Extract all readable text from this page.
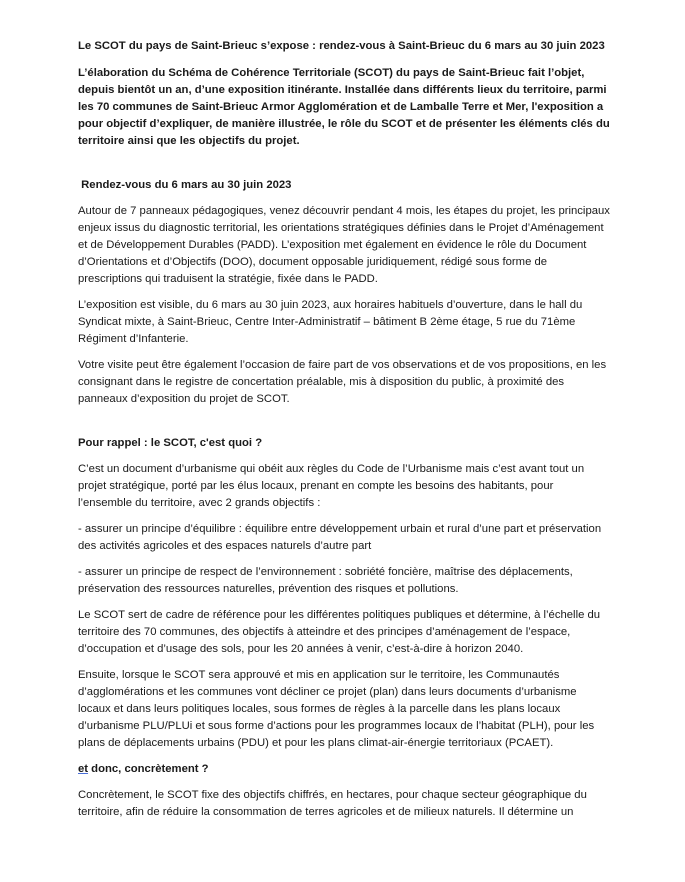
Le SCOT du pays de Saint-Brieuc s’expose : rendez-vous à Saint-Brieuc du 6 mars au 30 juin 2023

L’élaboration du Schéma de Cohérence Territoriale (SCOT) du pays de Saint-Brieuc fait l’objet, depuis bientôt un an, d’une exposition itinérante. Installée dans différents lieux du territoire, parmi les 70 communes de Saint-Brieuc Armor Agglomération et de Lamballe Terre et Mer, l'exposition a pour objectif d’expliquer, de manière illustrée, le rôle du SCOT et de présenter les éléments clés du territoire ainsi que les objectifs du projet.

Rendez-vous du 6 mars au 30 juin 2023

Autour de 7 panneaux pédagogiques, venez découvrir pendant 4 mois, les étapes du projet, les principaux enjeux issus du diagnostic territorial, les orientations stratégiques définies dans le Projet d’Aménagement et de Développement Durables (PADD). L’exposition met également en évidence le rôle du Document d’Orientations et d’Objectifs (DOO), document opposable juridiquement, rédigé sous forme de prescriptions qui traduisent la stratégie, fixée dans le PADD.

L’exposition est visible, du 6 mars au 30 juin 2023, aux horaires habituels d’ouverture, dans le hall du Syndicat mixte, à Saint-Brieuc, Centre Inter-Administratif – bâtiment B 2ème étage, 5 rue du 71ème Régiment d’Infanterie.

Votre visite peut être également l’occasion de faire part de vos observations et de vos propositions, en les consignant dans le registre de concertation préalable, mis à disposition du public, à proximité des panneaux d’exposition du projet de SCOT.

Pour rappel : le SCOT, c'est quoi ?

C’est un document d’urbanisme qui obéit aux règles du Code de l’Urbanisme mais c’est avant tout un projet stratégique, porté par les élus locaux, prenant en compte les besoins des habitants, pour l’ensemble du territoire, avec 2 grands objectifs :

- assurer un principe d’équilibre : équilibre entre développement urbain et rural d’une part et préservation des activités agricoles et des espaces naturels d’autre part

- assurer un principe de respect de l’environnement : sobriété foncière, maîtrise des déplacements, préservation des ressources naturelles, prévention des risques et pollutions.

Le SCOT sert de cadre de référence pour les différentes politiques publiques et détermine, à l’échelle du territoire des 70 communes, des objectifs à atteindre et des principes d’aménagement de l’espace, d’occupation et d’usage des sols, pour les 20 années à venir, c’est-à-dire à horizon 2040.

Ensuite, lorsque le SCOT sera approuvé et mis en application sur le territoire, les Communautés d’agglomérations et les communes vont décliner ce projet (plan) dans leurs documents d’urbanisme locaux et dans leurs politiques locales, sous formes de règles à la parcelle dans les plans locaux d’urbanisme PLU/PLUi et sous forme d’actions pour les programmes locaux de l’habitat (PLH), pour les plans de déplacements urbains (PDU) et pour les plans climat-air-énergie territoriaux (PCAET).

et donc, concrètement ?

Concrètement, le SCOT fixe des objectifs chiffrés, en hectares, pour chaque secteur géographique du territoire, afin de réduire la consommation de terres agricoles et de milieux naturels. Il détermine un
